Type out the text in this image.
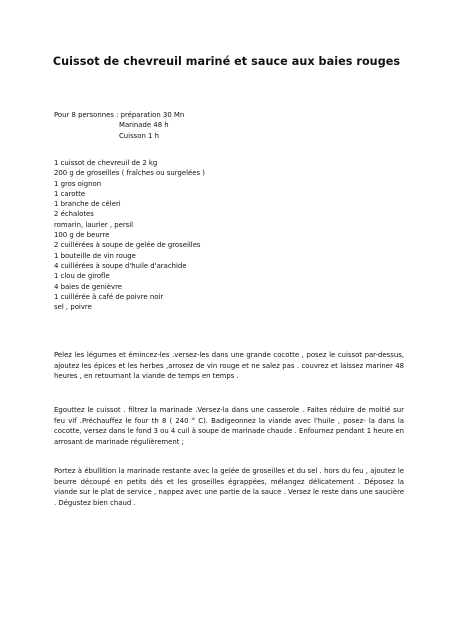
Cuissot de chevreuil mariné et sauce aux baies rouges
Pour 8 personnes : préparation 30 Mn
Marinade 48 h
Cuisson 1 h
1 cuissot de chevreuil de 2 kg
200 g de groseilles ( fraîches ou surgelées )
1 gros oignon
1 carotte
1 branche de céleri
2 échalotes
romarin, laurier , persil
100 g de beurre
2 cuillérées à soupe de gelée de groseilles
1 bouteille de vin rouge
4 cuillérées à soupe d'huile d'arachide
1 clou de girofle
4 baies de genièvre
1 cuillérée à café de poivre noir
sel , poivre

Pelez les légumes et émincez-les .versez-les dans une grande cocotte , posez le cuissot par-dessus, ajoutez les épices et les herbes ,arrosez de vin rouge et ne salez pas . couvrez et laissez mariner 48 heures , en retournant la viande de temps en temps .

Egouttez le cuissot . filtrez la marinade .Versez-la dans une casserole . Faites réduire de moitié sur feu vif .Préchauffez le four th 8 ( 240 ° C). Badigeonnez la viande avec l'huile , posez- la dans la cocotte, versez dans le fond 3 ou 4 cuil à soupe de marinade chaude . Enfournez pendant 1 heure en arrosant de marinade régulièrement ;

Portez à ébullition la marinade restante avec la gelée de groseilles et du sel . hors du feu , ajoutez le beurre découpé en petits dés et les groseilles égrappées, mélangez délicatement . Déposez la viande sur le plat de service , nappez avec une partie de la sauce . Versez le reste dans une saucière . Dégustez bien chaud .
